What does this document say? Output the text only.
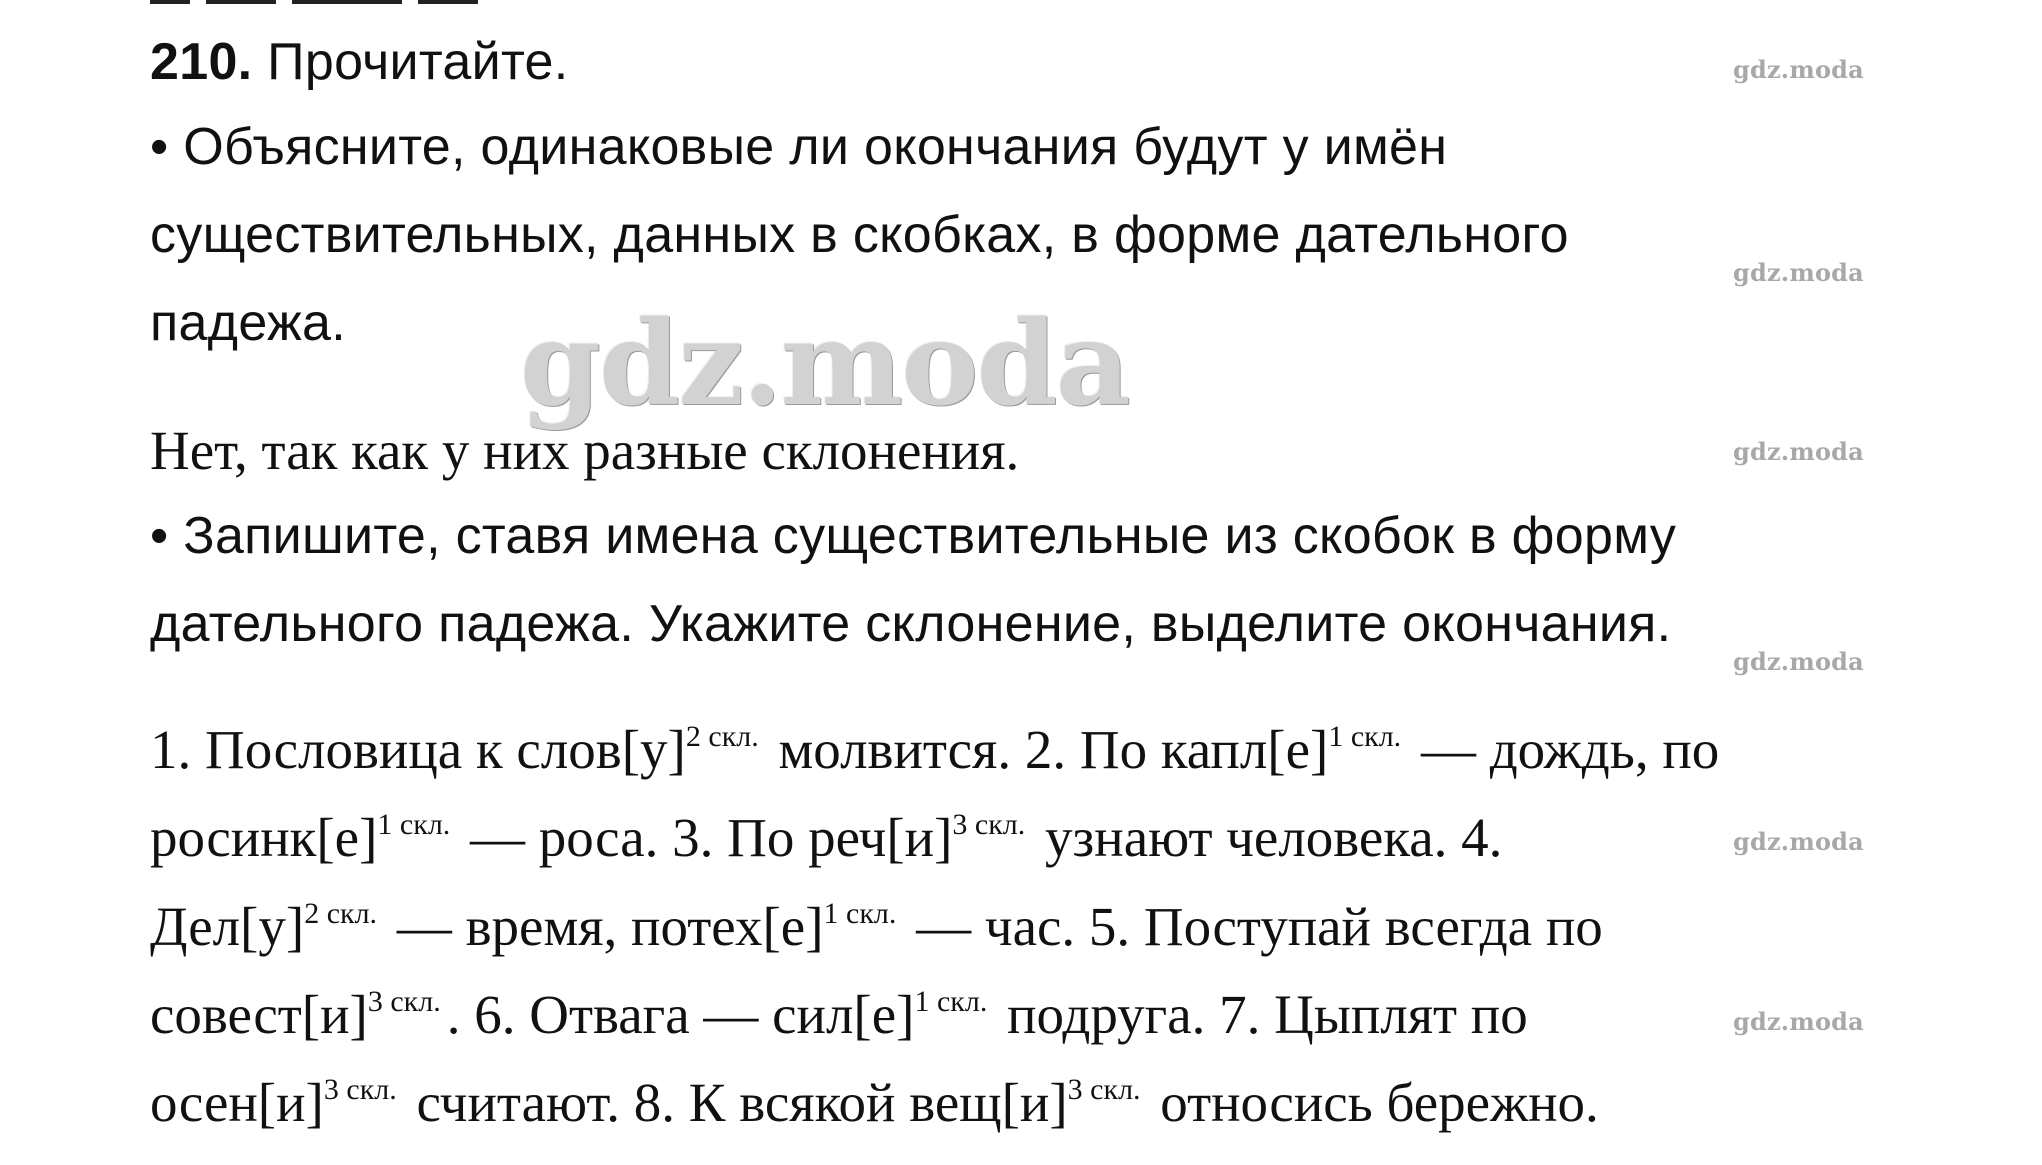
210. Прочитайте.
• Объясните, одинаковые ли окончания будут у имён
существительных, данных в скобках, в форме дательного
падежа. gdz.moda
Нет, так как у них разные склонения.
• Запишите, ставя имена существительные из скобок в форму
дательного падежа. Укажите склонение, выделите окончания.
1. Пословица к $слов[у]^{2 скл.}$ молвится. 2. По $капл[е]^{1 скл.}$ — дождь, по
$росинк[е]^{1 скл.}$ — роса. 3. По $реч[и]^{3 скл.}$ узнают человека. 4.
$Дел[у]^{2 скл.}$ — время, $потех[е]^{1 скл.}$ — час. 5. Поступай всегда по
$совест[и]^{3 скл.}$ . 6. Отвага — $сил[е]^{1 скл.}$ подруга. 7. Цыплят по
$осен[и]^{3 скл.}$ считают. 8. К всякой $вещ[и]^{3 скл.}$ относись бережно.
gdz.moda
gdz.moda
gdz.moda
gdz.moda
gdz.moda
gdz.moda
